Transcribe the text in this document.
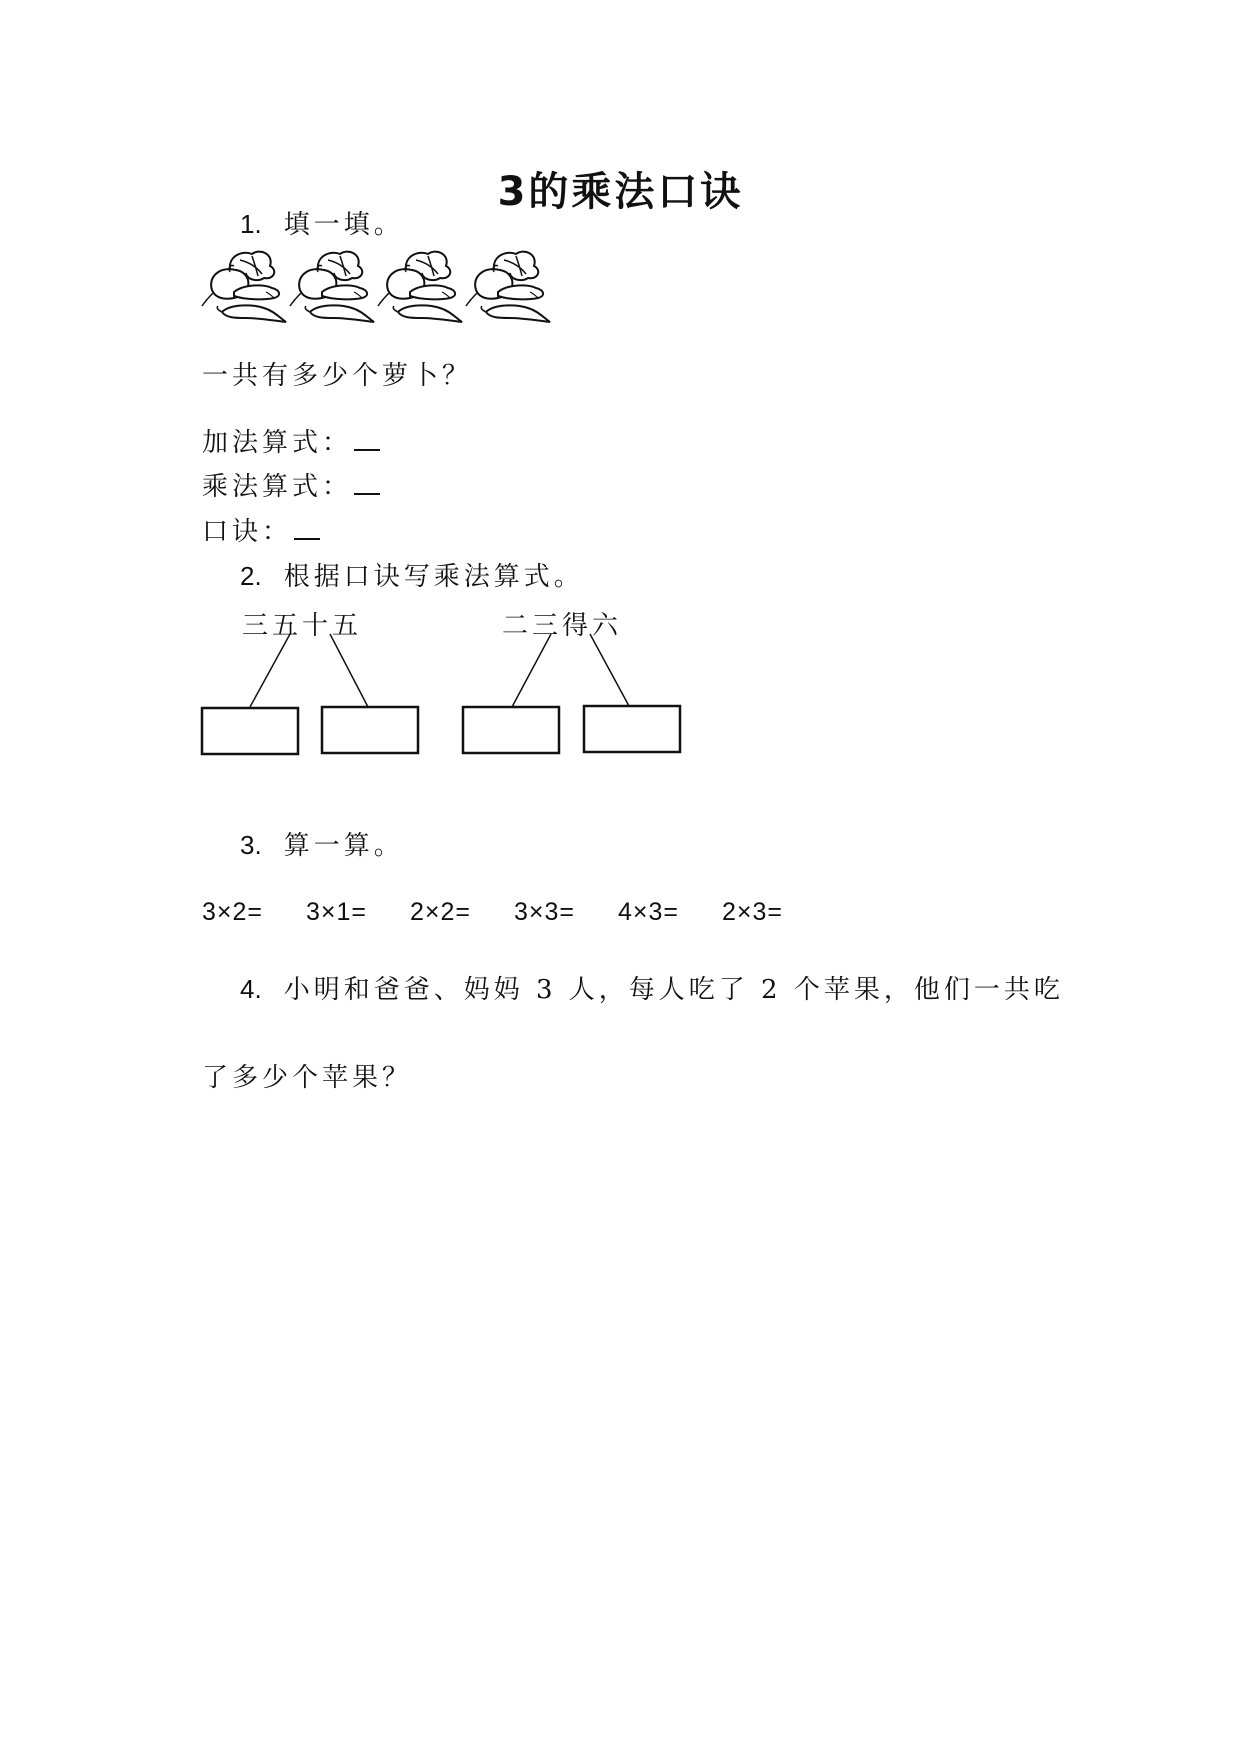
3的乘法口诀
1. 填一填。
一共有多少个萝卜？
加法算式：
乘法算式：
口诀：
2. 根据口诀写乘法算式。
三五十五	二三得六
3. 算一算。
3×2= 3×1= 2×2= 3×3= 4×3= 2×3=
4. 小明和爸爸、妈妈 3 人，每人吃了 2 个苹果，他们一共吃
了多少个苹果？
